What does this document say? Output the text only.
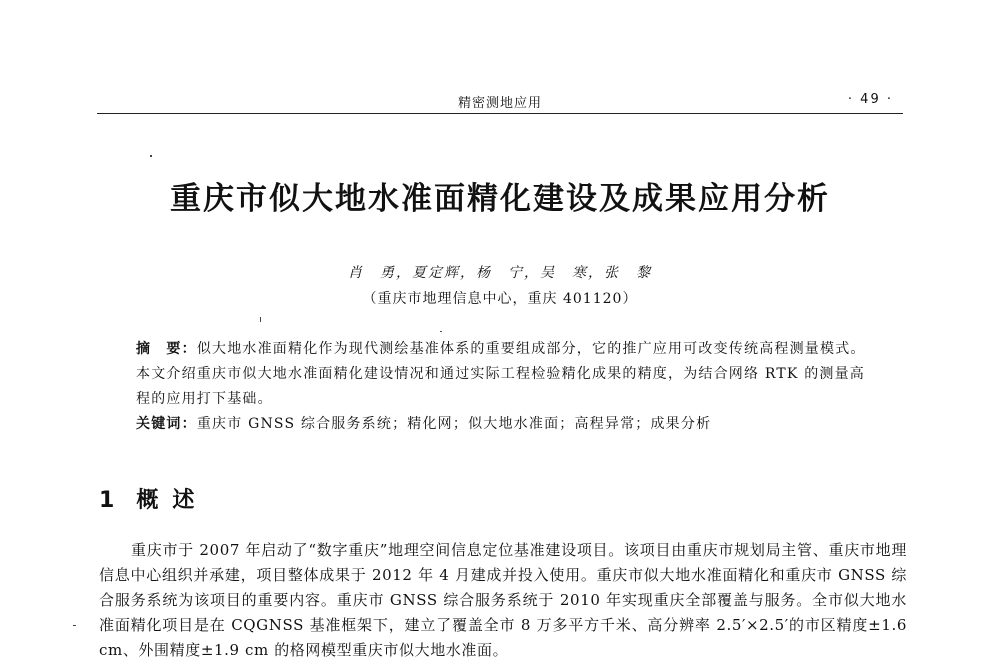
精密测地应用	· 49 ·
重庆市似大地水准面精化建设及成果应用分析
肖　勇，夏定辉，杨　宁，吴　寒，张　黎
（重庆市地理信息中心，重庆 401120）
摘　要：似大地水准面精化作为现代测绘基准体系的重要组成部分，它的推广应用可改变传统高程测量模式。本文介绍重庆市似大地水准面精化建设情况和通过实际工程检验精化成果的精度，为结合网络 RTK 的测量高程的应用打下基础。
关键词：重庆市 GNSS 综合服务系统；精化网；似大地水准面；高程异常；成果分析
1 概述
重庆市于 2007 年启动了“数字重庆”地理空间信息定位基准建设项目。该项目由重庆市规划局主管、重庆市地理信息中心组织并承建，项目整体成果于 2012 年 4 月建成并投入使用。重庆市似大地水准面精化和重庆市 GNSS 综合服务系统为该项目的重要内容。重庆市 GNSS 综合服务系统于 2010 年实现重庆全部覆盖与服务。全市似大地水准面精化项目是在 CQGNSS 基准框架下，建立了覆盖全市 8 万多平方千米、高分辨率 2.5′×2.5′的市区精度±1.6 cm、外围精度±1.9 cm 的格网模型重庆市似大地水准面。
